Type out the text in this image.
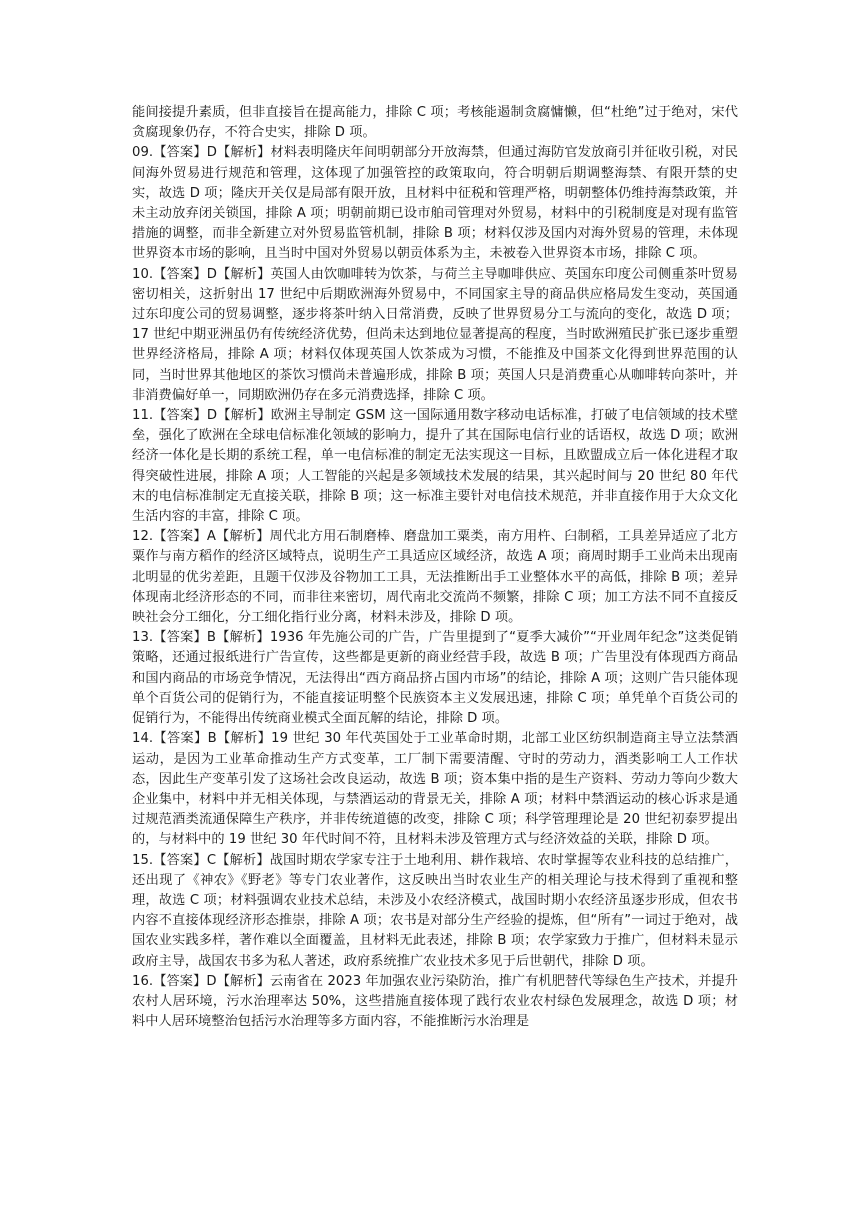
能间接提升素质，但非直接旨在提高能力，排除 C 项；考核能遏制贪腐慵懒，但“杜绝”过于绝对，宋代贪腐现象仍存，不符合史实，排除 D 项。

09.【答案】D【解析】材料表明隆庆年间明朝部分开放海禁，但通过海防官发放商引并征收引税，对民间海外贸易进行规范和管理，这体现了加强管控的政策取向，符合明朝后期调整海禁、有限开禁的史实，故选 D 项；隆庆开关仅是局部有限开放，且材料中征税和管理严格，明朝整体仍维持海禁政策，并未主动放弃闭关锁国，排除 A 项；明朝前期已设市舶司管理对外贸易，材料中的引税制度是对现有监管措施的调整，而非全新建立对外贸易监管机制，排除 B 项；材料仅涉及国内对海外贸易的管理，未体现世界资本市场的影响，且当时中国对外贸易以朝贡体系为主，未被卷入世界资本市场，排除 C 项。

10.【答案】D【解析】英国人由饮咖啡转为饮茶，与荷兰主导咖啡供应、英国东印度公司侧重茶叶贸易密切相关，这折射出 17 世纪中后期欧洲海外贸易中，不同国家主导的商品供应格局发生变动，英国通过东印度公司的贸易调整，逐步将茶叶纳入日常消费，反映了世界贸易分工与流向的变化，故选 D 项；17 世纪中期亚洲虽仍有传统经济优势，但尚未达到地位显著提高的程度，当时欧洲殖民扩张已逐步重塑世界经济格局，排除 A 项；材料仅体现英国人饮茶成为习惯，不能推及中国茶文化得到世界范围的认同，当时世界其他地区的茶饮习惯尚未普遍形成，排除 B 项；英国人只是消费重心从咖啡转向茶叶，并非消费偏好单一，同期欧洲仍存在多元消费选择，排除 C 项。

11.【答案】D【解析】欧洲主导制定 GSM 这一国际通用数字移动电话标准，打破了电信领域的技术壁垒，强化了欧洲在全球电信标准化领域的影响力，提升了其在国际电信行业的话语权，故选 D 项；欧洲经济一体化是长期的系统工程，单一电信标准的制定无法实现这一目标，且欧盟成立后一体化进程才取得突破性进展，排除 A 项；人工智能的兴起是多领域技术发展的结果，其兴起时间与 20 世纪 80 年代末的电信标准制定无直接关联，排除 B 项；这一标准主要针对电信技术规范，并非直接作用于大众文化生活内容的丰富，排除 C 项。

12.【答案】A【解析】周代北方用石制磨棒、磨盘加工粟类，南方用杵、臼制稻，工具差异适应了北方粟作与南方稻作的经济区域特点，说明生产工具适应区域经济，故选 A 项；商周时期手工业尚未出现南北明显的优劣差距，且题干仅涉及谷物加工工具，无法推断出手工业整体水平的高低，排除 B 项；差异体现南北经济形态的不同，而非往来密切，周代南北交流尚不频繁，排除 C 项；加工方法不同不直接反映社会分工细化，分工细化指行业分离，材料未涉及，排除 D 项。

13.【答案】B【解析】1936 年先施公司的广告，广告里提到了“夏季大减价”“开业周年纪念”这类促销策略，还通过报纸进行广告宣传，这些都是更新的商业经营手段，故选 B 项；广告里没有体现西方商品和国内商品的市场竞争情况，无法得出“西方商品挤占国内市场”的结论，排除 A 项；这则广告只能体现单个百货公司的促销行为，不能直接证明整个民族资本主义发展迅速，排除 C 项；单凭单个百货公司的促销行为，不能得出传统商业模式全面瓦解的结论，排除 D 项。

14.【答案】B【解析】19 世纪 30 年代英国处于工业革命时期，北部工业区纺织制造商主导立法禁酒运动，是因为工业革命推动生产方式变革，工厂制下需要清醒、守时的劳动力，酒类影响工人工作状态，因此生产变革引发了这场社会改良运动，故选 B 项；资本集中指的是生产资料、劳动力等向少数大企业集中，材料中并无相关体现，与禁酒运动的背景无关，排除 A 项；材料中禁酒运动的核心诉求是通过规范酒类流通保障生产秩序，并非传统道德的改变，排除 C 项；科学管理理论是 20 世纪初泰罗提出的，与材料中的 19 世纪 30 年代时间不符，且材料未涉及管理方式与经济效益的关联，排除 D 项。

15.【答案】C【解析】战国时期农学家专注于土地利用、耕作栽培、农时掌握等农业科技的总结推广，还出现了《神农》《野老》等专门农业著作，这反映出当时农业生产的相关理论与技术得到了重视和整理，故选 C 项；材料强调农业技术总结，未涉及小农经济模式，战国时期小农经济虽逐步形成，但农书内容不直接体现经济形态推崇，排除 A 项；农书是对部分生产经验的提炼，但“所有”一词过于绝对，战国农业实践多样，著作难以全面覆盖，且材料无此表述，排除 B 项；农学家致力于推广，但材料未显示政府主导，战国农书多为私人著述，政府系统推广农业技术多见于后世朝代，排除 D 项。

16.【答案】D【解析】云南省在 2023 年加强农业污染防治，推广有机肥替代等绿色生产技术，并提升农村人居环境，污水治理率达 50%，这些措施直接体现了践行农业农村绿色发展理念，故选 D 项；材料中人居环境整治包括污水治理等多方面内容，不能推断污水治理是
